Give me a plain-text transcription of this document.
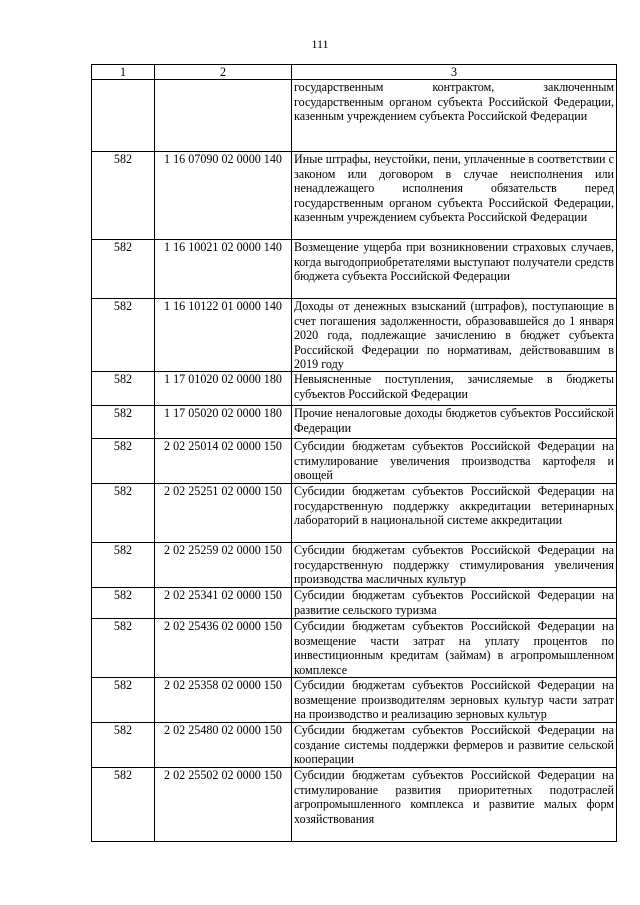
111
1	2	3
		государственным контрактом, заключенным государственным органом субъекта Российской Федерации, казенным учреждением субъекта Российской Федерации
582	1 16 07090 02 0000 140	Иные штрафы, неустойки, пени, уплаченные в соответствии с законом или договором в случае неисполнения или ненадлежащего исполнения обязательств перед государственным органом субъекта Российской Федерации, казенным учреждением субъекта Российской Федерации
582	1 16 10021 02 0000 140	Возмещение ущерба при возникновении страховых случаев, когда выгодоприобретателями выступают получатели средств бюджета субъекта Российской Федерации
582	1 16 10122 01 0000 140	Доходы от денежных взысканий (штрафов), поступающие в счет погашения задолженности, образовавшейся до 1 января 2020 года, подлежащие зачислению в бюджет субъекта Российской Федерации по нормативам, действовавшим в 2019 году
582	1 17 01020 02 0000 180	Невыясненные поступления, зачисляемые в бюджеты субъектов Российской Федерации
582	1 17 05020 02 0000 180	Прочие неналоговые доходы бюджетов субъектов Российской Федерации
582	2 02 25014 02 0000 150	Субсидии бюджетам субъектов Российской Федерации на стимулирование увеличения производства картофеля и овощей
582	2 02 25251 02 0000 150	Субсидии бюджетам субъектов Российской Федерации на государственную поддержку аккредитации ветеринарных лабораторий в национальной системе аккредитации
582	2 02 25259 02 0000 150	Субсидии бюджетам субъектов Российской Федерации на государственную поддержку стимулирования увеличения производства масличных культур
582	2 02 25341 02 0000 150	Субсидии бюджетам субъектов Российской Федерации на развитие сельского туризма
582	2 02 25436 02 0000 150	Субсидии бюджетам субъектов Российской Федерации на возмещение части затрат на уплату процентов по инвестиционным кредитам (займам) в агропромышленном комплексе
582	2 02 25358 02 0000 150	Субсидии бюджетам субъектов Российской Федерации на возмещение производителям зерновых культур части затрат на производство и реализацию зерновых культур
582	2 02 25480 02 0000 150	Субсидии бюджетам субъектов Российской Федерации на создание системы поддержки фермеров и развитие сельской кооперации
582	2 02 25502 02 0000 150	Субсидии бюджетам субъектов Российской Федерации на стимулирование развития приоритетных подотраслей агропромышленного комплекса и развитие малых форм хозяйствования
